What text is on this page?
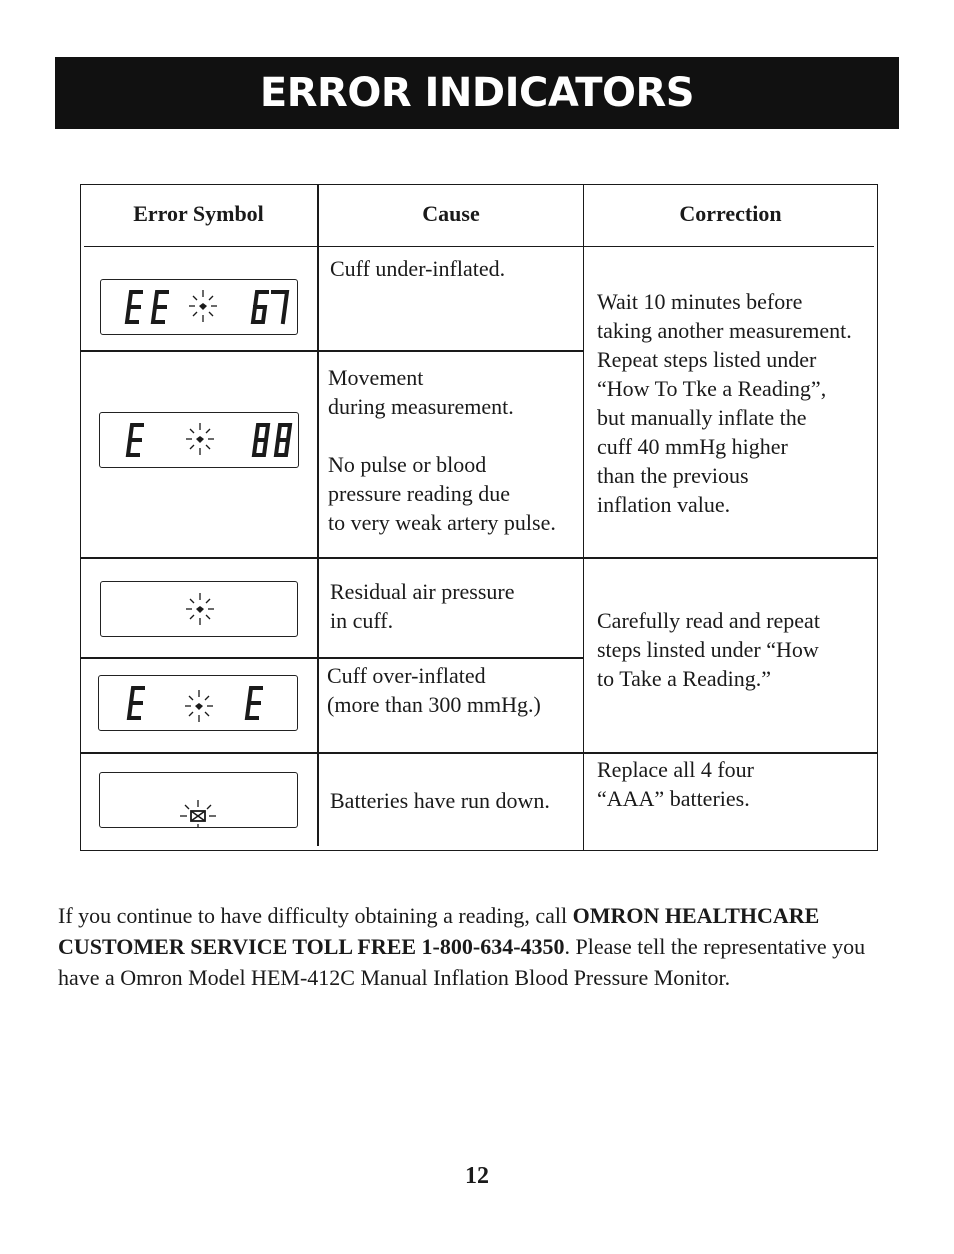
ERROR INDICATORS
Error Symbol	Cause	Correction
Cuff under-inflated.
Movement
during measurement.
No pulse or blood
pressure reading due
to very weak artery pulse.
Wait 10 minutes before
taking another measurement.
Repeat steps listed under
“How To Tke a Reading”,
but manually inflate the
cuff 40 mmHg higher
than the previous
inflation value.
Residual air pressure
in cuff.
Cuff over-inflated
(more than 300 mmHg.)
Carefully read and repeat
steps linsted under “How
to Take a Reading.”
Batteries have run down.
Replace all 4 four
“AAA” batteries.

If you continue to have difficulty obtaining a reading, call OMRON HEALTHCARE CUSTOMER SERVICE TOLL FREE 1-800-634-4350. Please tell the representative you have a Omron Model HEM-412C Manual Inflation Blood Pressure Monitor.

12
